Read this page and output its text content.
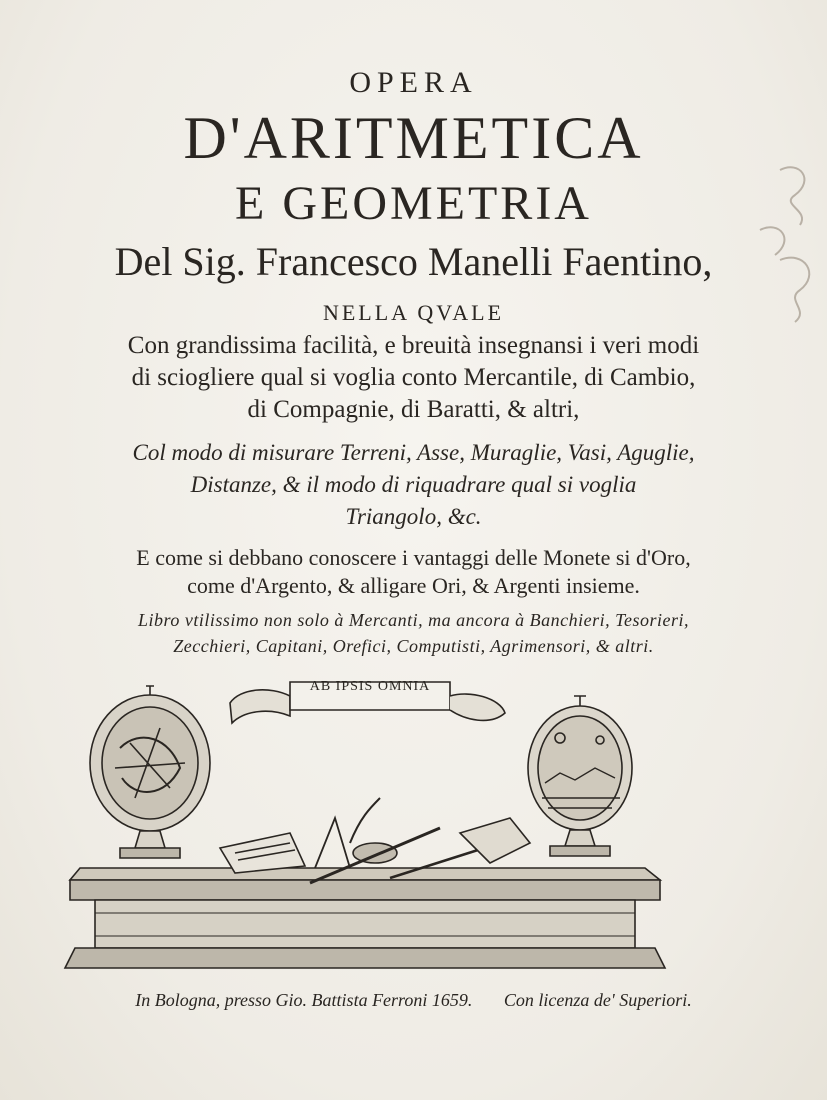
OPERA
D'ARITMETICA
E GEOMETRIA
Del Sig. Francesco Manelli Faentino,
NELLA QVALE
Con grandissima facilità, e breuità insegnansi i veri modi
di sciogliere qual si voglia conto Mercantile, di Cambio,
di Compagnie, di Baratti, & altri,
Col modo di misurare Terreni, Asse, Muraglie, Vasi, Aguglie,
Distanze, & il modo di riquadrare qual si voglia
Triangolo, &c.
E come si debbano conoscere i vantaggi delle Monete si d'Oro,
come d'Argento, & alligare Ori, & Argenti insieme.
Libro vtilissimo non solo à Mercanti, ma ancora à Banchieri, Tesorieri,
Zecchieri, Capitani, Orefici, Computisti, Agrimensori, & altri.
AB IPSIS OMNIA
In Bologna, presso Gio. Battista Ferroni 1659. Con licenza de' Superiori.
